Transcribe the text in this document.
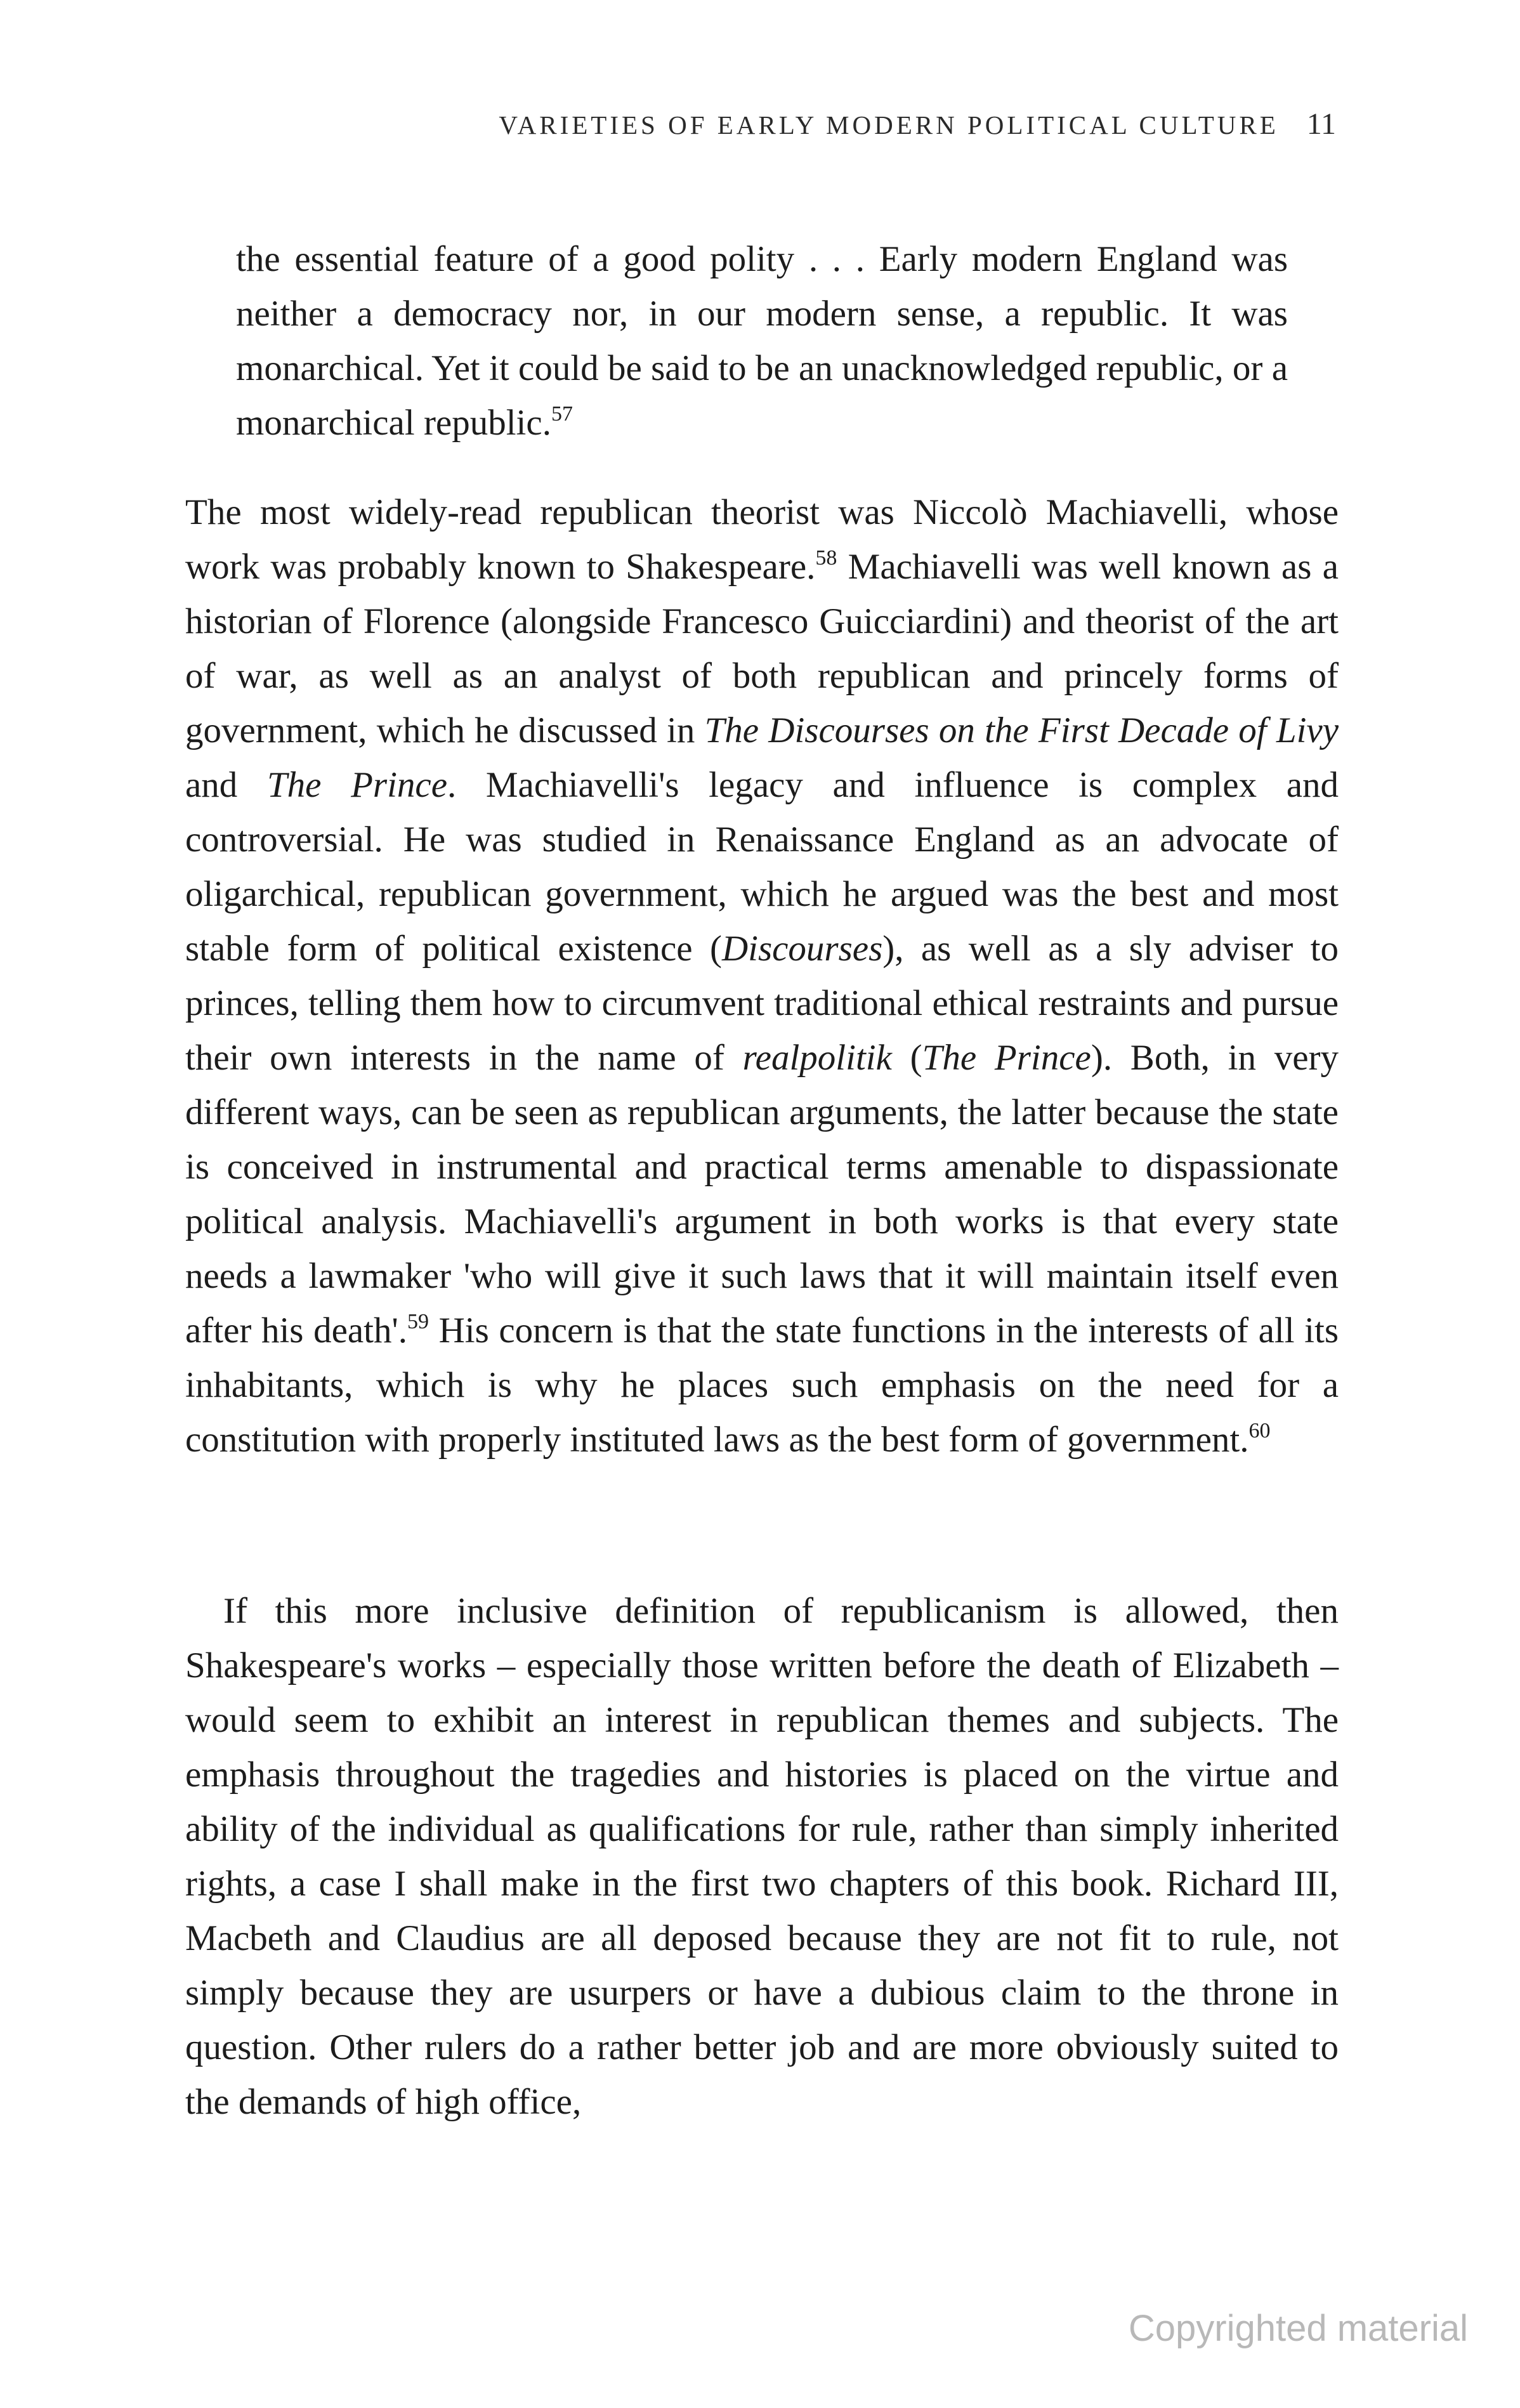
VARIETIES OF EARLY MODERN POLITICAL CULTURE 11
the essential feature of a good polity . . . Early modern England was neither a democracy nor, in our modern sense, a republic. It was monarchical. Yet it could be said to be an unacknowledged republic, or a monarchical republic.$^{57}$
The most widely-read republican theorist was Niccolò Machiavelli, whose work was probably known to Shakespeare.$^{58}$ Machiavelli was well known as a historian of Florence (alongside Francesco Guicciardini) and theorist of the art of war, as well as an analyst of both republican and princely forms of government, which he discussed in The Discourses on the First Decade of Livy and The Prince. Machiavelli's legacy and influence is complex and controversial. He was studied in Renaissance England as an advocate of oligarchical, republican government, which he argued was the best and most stable form of political existence (Discourses), as well as a sly adviser to princes, telling them how to circumvent traditional ethical restraints and pursue their own interests in the name of realpolitik (The Prince). Both, in very different ways, can be seen as republican arguments, the latter because the state is conceived in instrumental and practical terms amenable to dispassionate political analysis. Machiavelli's argument in both works is that every state needs a lawmaker 'who will give it such laws that it will maintain itself even after his death'.$^{59}$ His concern is that the state functions in the interests of all its inhabitants, which is why he places such emphasis on the need for a constitution with properly instituted laws as the best form of government.$^{60}$
If this more inclusive definition of republicanism is allowed, then Shakespeare's works – especially those written before the death of Elizabeth – would seem to exhibit an interest in republican themes and subjects. The emphasis throughout the tragedies and histories is placed on the virtue and ability of the individual as qualifications for rule, rather than simply inherited rights, a case I shall make in the first two chapters of this book. Richard III, Macbeth and Claudius are all deposed because they are not fit to rule, not simply because they are usurpers or have a dubious claim to the throne in question. Other rulers do a rather better job and are more obviously suited to the demands of high office,
Copyrighted material
